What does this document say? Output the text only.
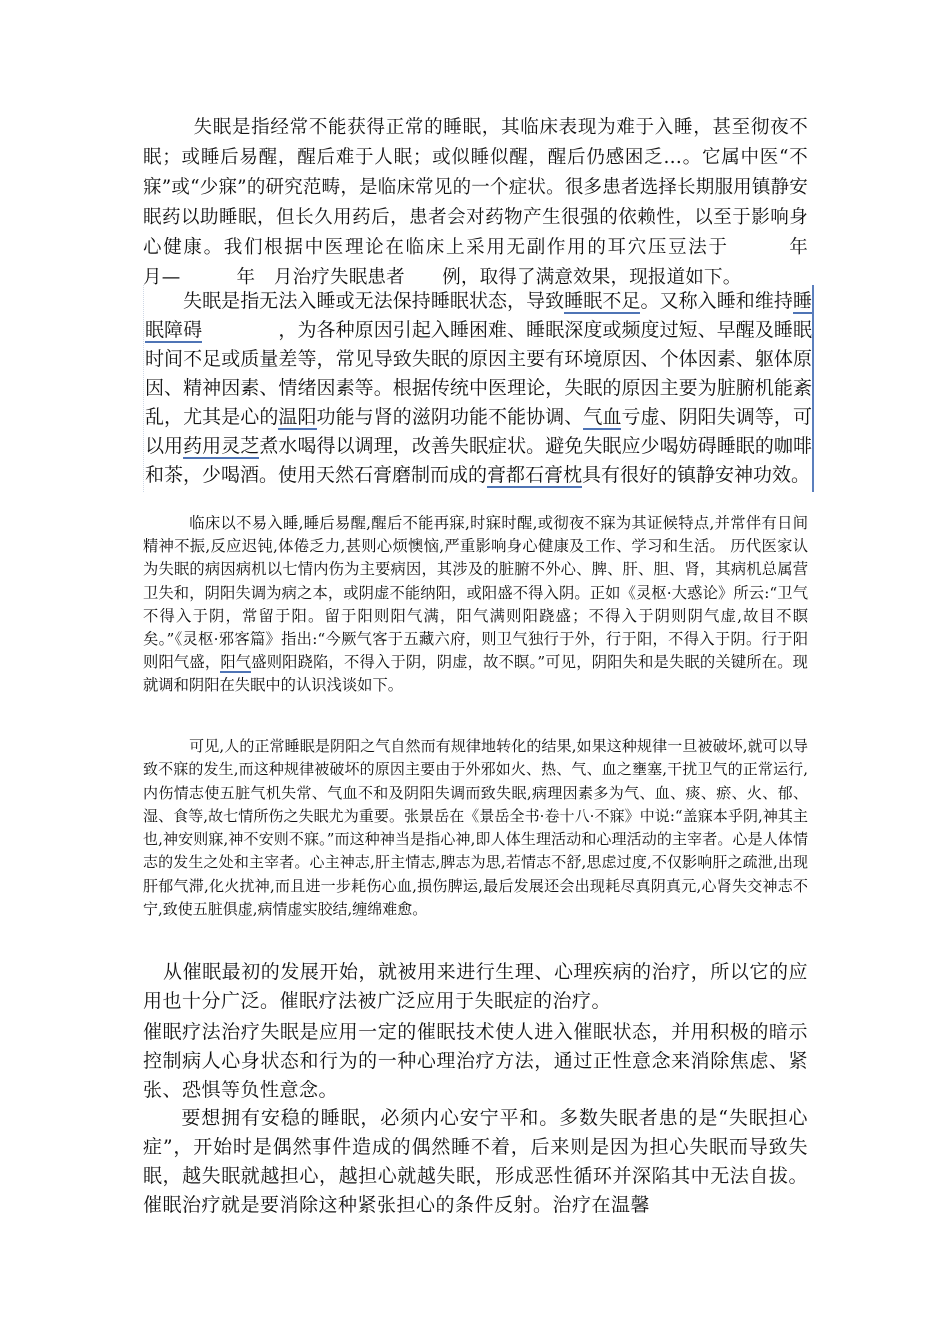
失眠是指经常不能获得正常的睡眠，其临床表现为难于入睡，甚至彻夜不眠；或睡后易醒，醒后难于人眠；或似睡似醒，醒后仍感困乏…。它属中医“不寐”或“少寐”的研究范畴，是临床常见的一个症状。很多患者选择长期服用镇静安眠药以助睡眠，但长久用药后，患者会对药物产生很强的依赖性，以至于影响身心健康。我们根据中医理论在临床上采用无副作用的耳穴压豆法于　　　年　　月—　　　年　月治疗失眠患者　　例，取得了满意效果，现报道如下。

失眠是指无法入睡或无法保持睡眠状态，导致睡眠不足。又称入睡和维持睡眠障碍　　　　，为各种原因引起入睡困难、睡眠深度或频度过短、早醒及睡眠时间不足或质量差等，常见导致失眠的原因主要有环境原因、个体因素、躯体原因、精神因素、情绪因素等。根据传统中医理论，失眠的原因主要为脏腑机能紊乱，尤其是心的温阳功能与肾的滋阴功能不能协调、气血亏虚、阴阳失调等，可以用药用灵芝煮水喝得以调理，改善失眠症状。避免失眠应少喝妨碍睡眠的咖啡和茶，少喝酒。使用天然石膏磨制而成的膏都石膏枕具有很好的镇静安神功效。

临床以不易入睡,睡后易醒,醒后不能再寐,时寐时醒,或彻夜不寐为其证候特点,并常伴有日间精神不振,反应迟钝,体倦乏力,甚则心烦懊恼,严重影响身心健康及工作、学习和生活。 历代医家认为失眠的病因病机以七情内伤为主要病因，其涉及的脏腑不外心、脾、肝、胆、肾，其病机总属营卫失和，阴阳失调为病之本，或阴虚不能纳阳，或阳盛不得入阴。正如《灵枢·大惑论》所云:“卫气不得入于阴，常留于阳。留于阳则阳气满，阳气满则阳跷盛；不得入于阴则阴气虚,故目不瞑矣。”《灵枢·邪客篇》指出:“今厥气客于五藏六府，则卫气独行于外，行于阳，不得入于阴。行于阳则阳气盛，阳气盛则阳跷陷，不得入于阴，阴虚，故不瞑。”可见，阴阳失和是失眠的关键所在。现就调和阴阳在失眠中的认识浅谈如下。

可见,人的正常睡眠是阴阳之气自然而有规律地转化的结果,如果这种规律一旦被破坏,就可以导致不寐的发生,而这种规律被破坏的原因主要由于外邪如火、热、气、血之壅塞,干扰卫气的正常运行,内伤情志使五脏气机失常、气血不和及阴阳失调而致失眠,病理因素多为气、血、痰、瘀、火、郁、湿、食等,故七情所伤之失眠尤为重要。张景岳在《景岳全书·卷十八·不寐》中说:“盖寐本乎阴,神其主也,神安则寐,神不安则不寐。”而这种神当是指心神,即人体生理活动和心理活动的主宰者。心是人体情志的发生之处和主宰者。心主神志,肝主情志,脾志为思,若情志不舒,思虑过度,不仅影响肝之疏泄,出现肝郁气滞,化火扰神,而且进一步耗伤心血,损伤脾运,最后发展还会出现耗尽真阴真元,心肾失交神志不宁,致使五脏俱虚,病情虚实胶结,缠绵难愈。

从催眠最初的发展开始，就被用来进行生理、心理疾病的治疗，所以它的应用也十分广泛。催眠疗法被广泛应用于失眠症的治疗。

催眠疗法治疗失眠是应用一定的催眠技术使人进入催眠状态，并用积极的暗示控制病人心身状态和行为的一种心理治疗方法，通过正性意念来消除焦虑、紧张、恐惧等负性意念。

要想拥有安稳的睡眠，必须内心安宁平和。多数失眠者患的是“失眠担心症”，开始时是偶然事件造成的偶然睡不着，后来则是因为担心失眠而导致失眠，越失眠就越担心，越担心就越失眠，形成恶性循环并深陷其中无法自拔。催眠治疗就是要消除这种紧张担心的条件反射。治疗在温馨
